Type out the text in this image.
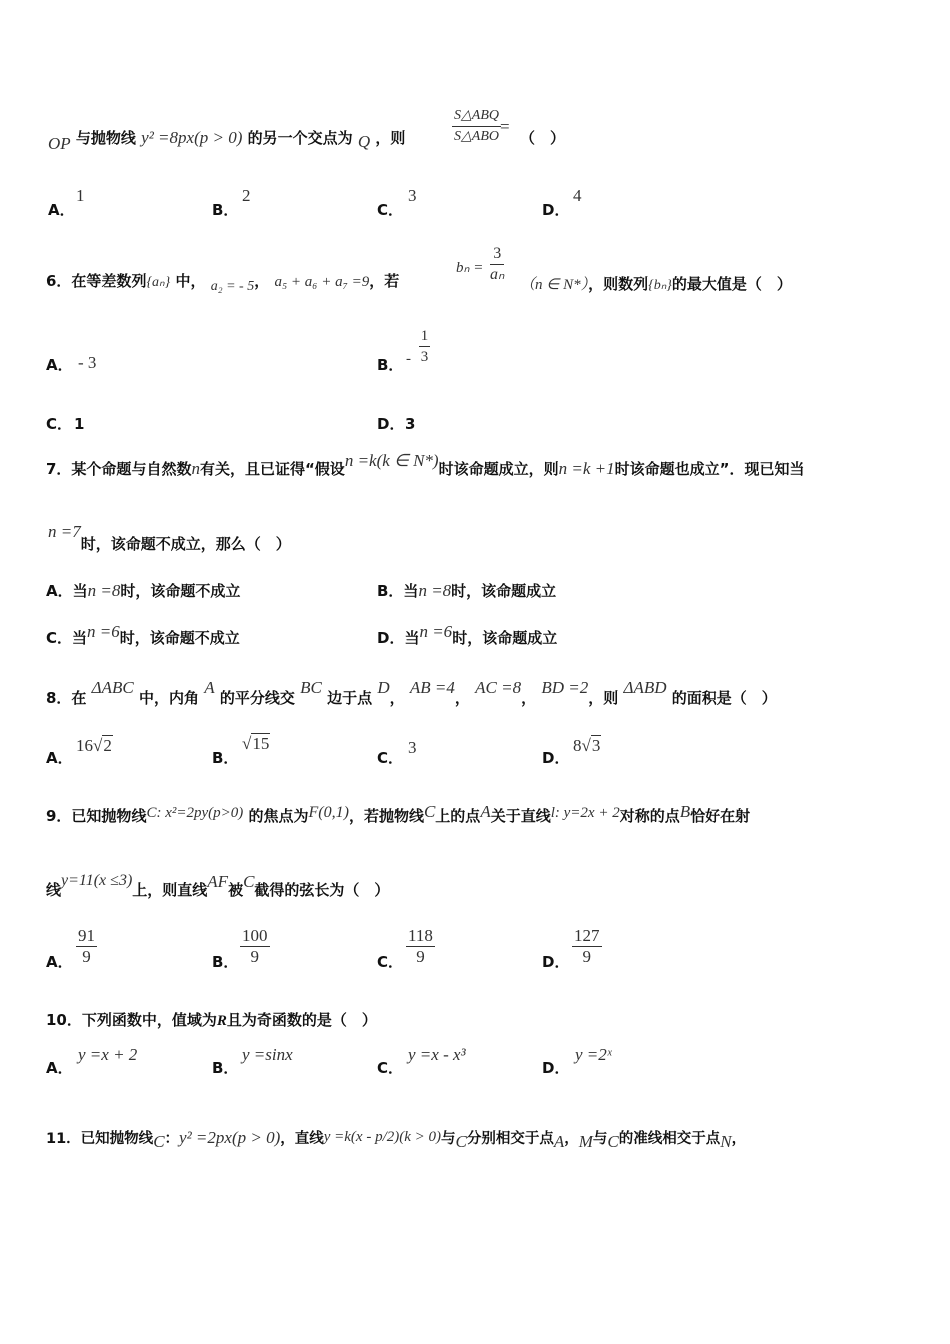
OP 与抛物线 y² =8px(p > 0) 的另一个交点为 Q ，则
S△ABQ
S△ABO
=
（　）
A．
1
B．
2
C．
3
D．
4
6．在等差数列{aₙ} 中， a₂ = - 5， a₅ + a₆ + a₇ =9，若
$b_n = \frac{3}{\text{aₙ}} (n$ ∈ N*），则数列{bₙ}的最大值是（　）
A． - 3	B． - $\frac{1}{3}$
C． 1	D． 3
7．某个命题与自然数n有关，且已证得“假设n =k(k ∈ N*)时该命题成立，则n =k +1时该命题也成立”．现已知当
n =7时，该命题不成立，那么（　）
A．当n =8时，该命题不成立	B．当n =8时，该命题成立
C．当n =6时，该命题不成立	D．当n =6时，该命题成立
8．在 ΔABC 中，内角 A 的平分线交 BC 边于点 D， AB =4， AC =8， BD =2，则 ΔABD 的面积是（　）
A．
16√2
B．
√15
C．
3
D．
8√3
9．已知抛物线C: x²=2py(p>0) 的焦点为F(0,1)，若抛物线C上的点A关于直线l: y=2x + 2对称的点B恰好在射
线y=11(x ≤3)上，则直线AF被C截得的弦长为（　）
A． $\frac{91}{9}$	B． $\frac{100}{9}$	C． $\frac{118}{9}$	D． $\frac{127}{9}$
10．下列函数中，值域为R且为奇函数的是（　）
A．
y =x + 2
B．
y =sinx
C．
y =x - x³
D．
y =2ˣ
11．已知抛物线C：y² =2px(p > 0)，直线y =k(x - p/2)(k > 0)与C分别相交于点A，M与C的准线相交于点N，
